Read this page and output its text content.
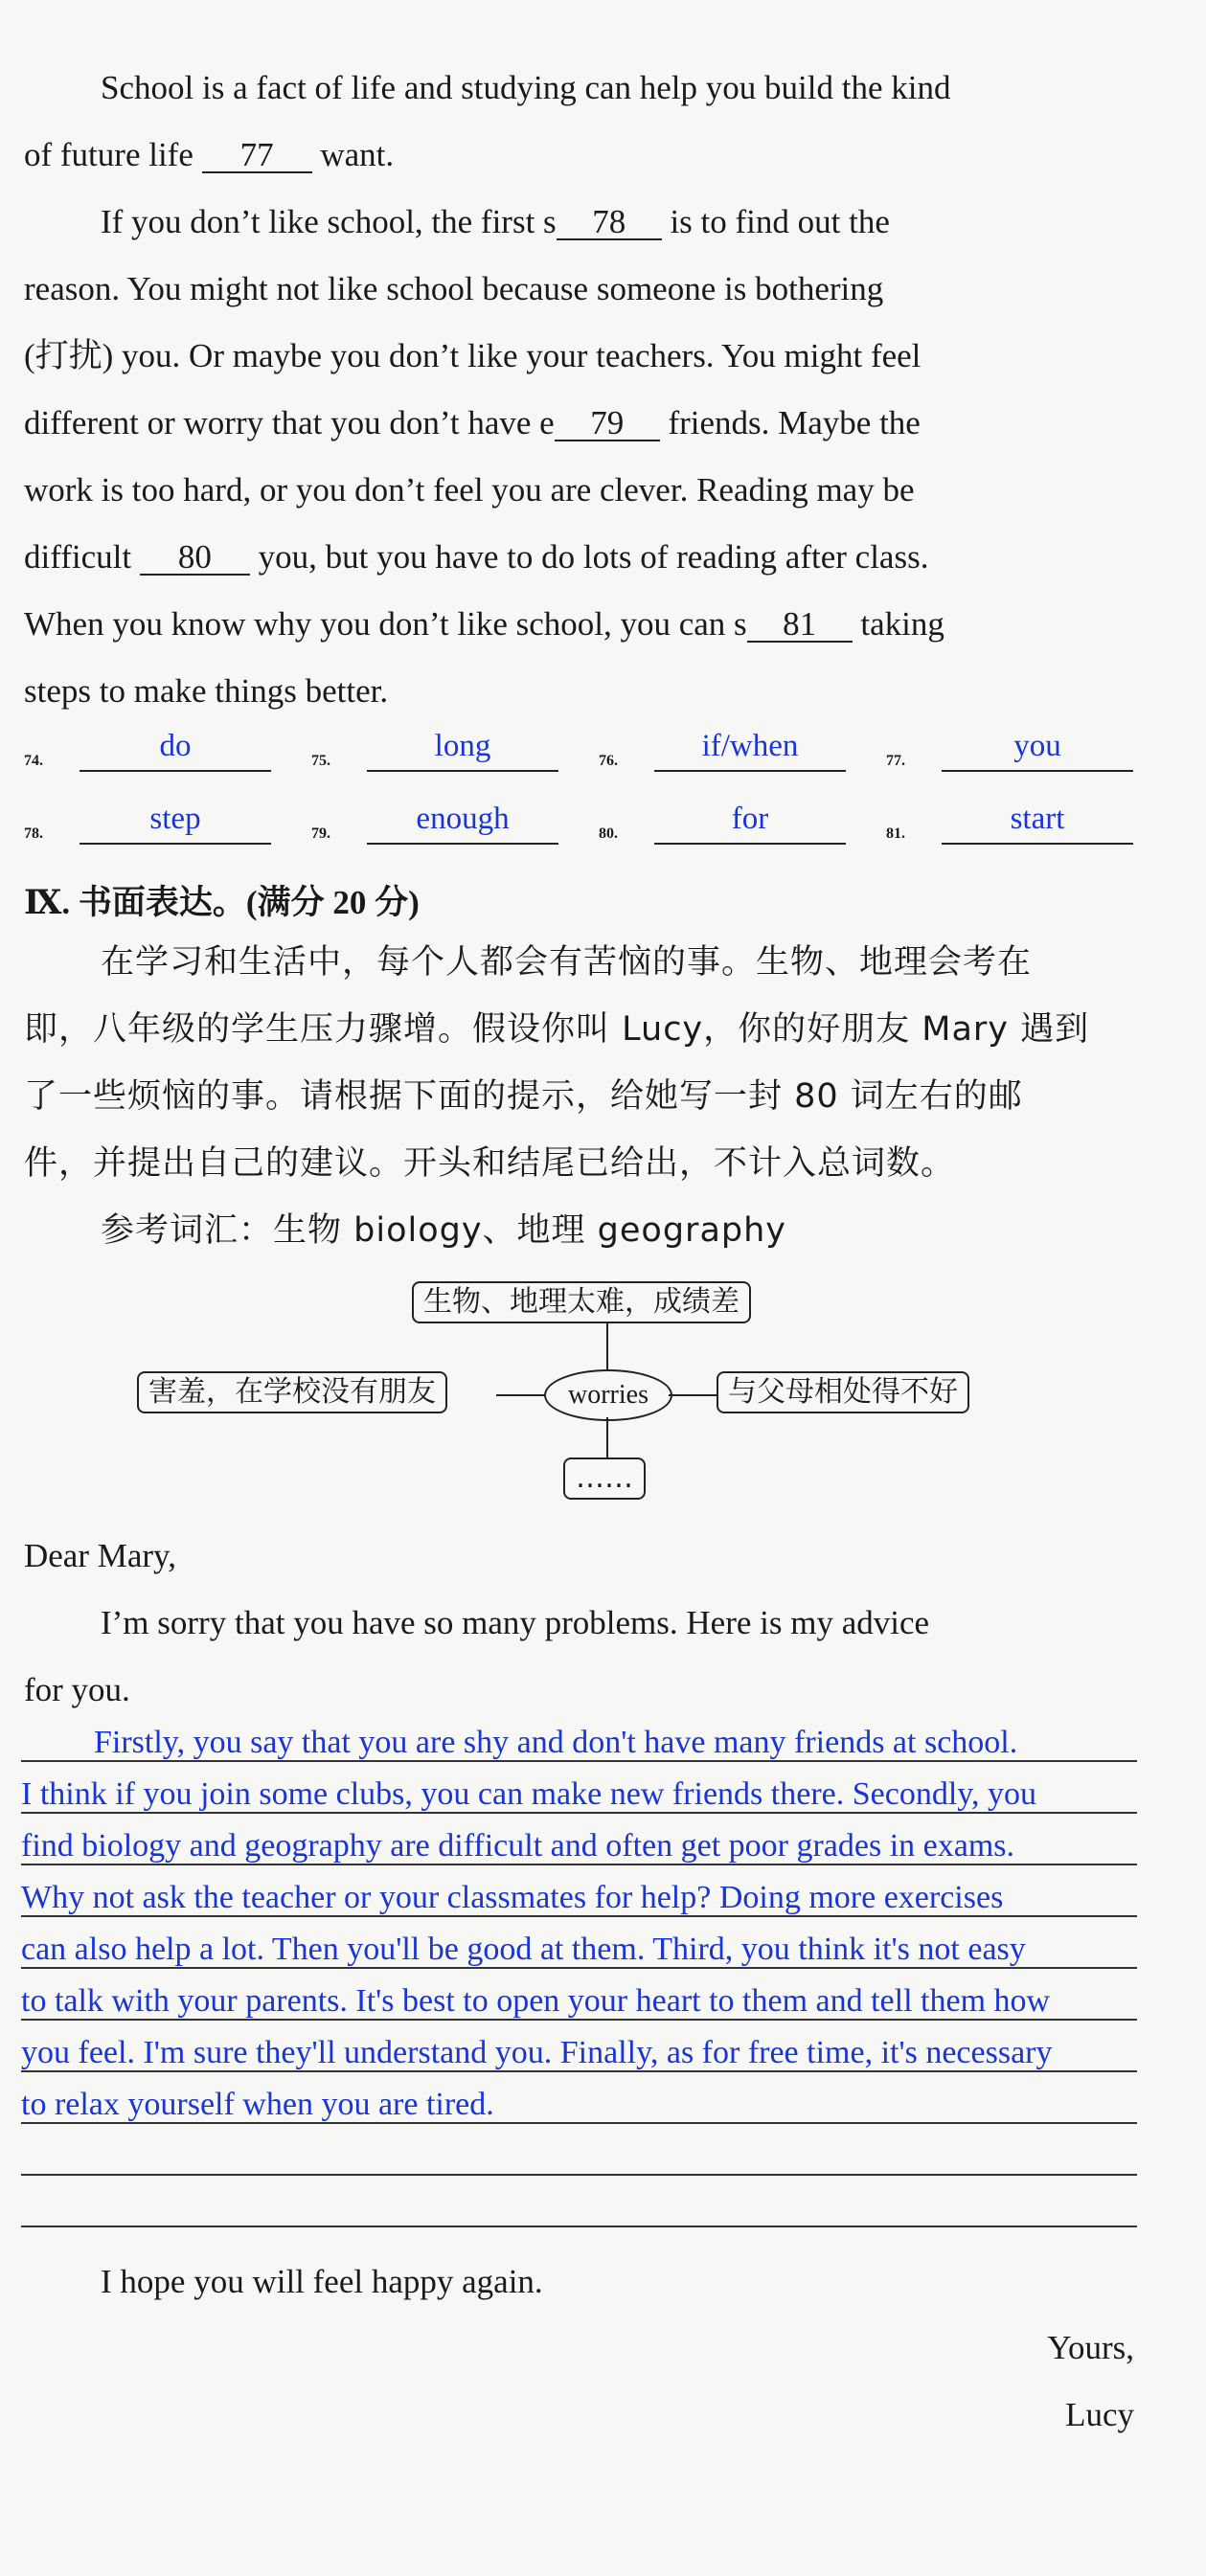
School is a fact of life and studying can help you build the kind

of future life 77 want.

If you don’t like school, the first s 78 is to find out the

reason. You might not like school because someone is bothering

(打扰) you. Or maybe you don’t like your teachers. You might feel

different or worry that you don’t have e 79 friends. Maybe the

work is too hard, or you don’t feel you are clever. Reading may be

difficult 80 you, but you have to do lots of reading after class.

When you know why you don’t like school, you can s 81 taking

steps to make things better.

74.	do	75.	long	76.	if/when	77.	you
78.	step	79.	enough	80.	for	81.	start
Ⅸ. 书面表达。(满分 20 分)
在学习和生活中，每个人都会有苦恼的事。生物、地理会考在
即，八年级的学生压力骤增。假设你叫 Lucy，你的好朋友 Mary 遇到
了一些烦恼的事。请根据下面的提示，给她写一封 80 词左右的邮
件，并提出自己的建议。开头和结尾已给出，不计入总词数。
参考词汇：生物 biology、地理 geography
生物、地理太难，成绩差
害羞，在学校没有朋友	worries	与父母相处得不好
……
Dear Mary,
I’m sorry that you have so many problems. Here is my advice
for you.
Firstly, you say that you are shy and don't have many friends at school.
I think if you join some clubs, you can make new friends there. Secondly, you
find biology and geography are difficult and often get poor grades in exams.
Why not ask the teacher or your classmates for help? Doing more exercises
can also help a lot. Then you'll be good at them. Third, you think it's not easy
to talk with your parents. It's best to open your heart to them and tell them how
you feel. I'm sure they'll understand you. Finally, as for free time, it's necessary
to relax yourself when you are tired.
I hope you will feel happy again.
Yours,
Lucy
